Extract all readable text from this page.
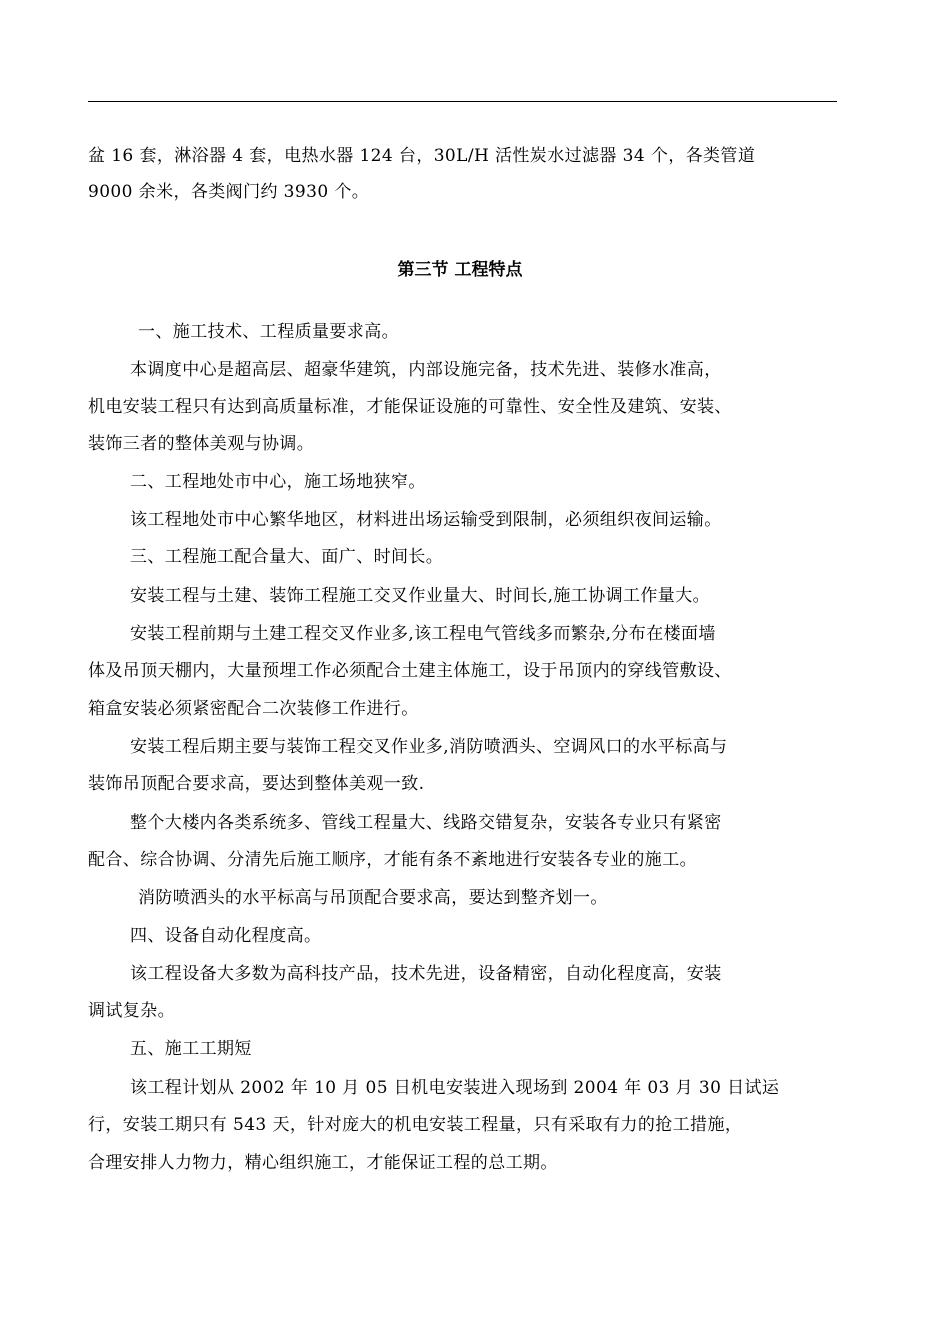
盆 16 套，淋浴器 4 套，电热水器 124 台，30L/H 活性炭水过滤器 34 个，各类管道
9000 余米，各类阀门约 3930 个。
第三节 工程特点
一、施工技术、工程质量要求高。
本调度中心是超高层、超豪华建筑，内部设施完备，技术先进、装修水准高，
机电安装工程只有达到高质量标准，才能保证设施的可靠性、安全性及建筑、安装、
装饰三者的整体美观与协调。
二、工程地处市中心，施工场地狭窄。
该工程地处市中心繁华地区，材料进出场运输受到限制，必须组织夜间运输。
三、工程施工配合量大、面广、时间长。
安装工程与土建、装饰工程施工交叉作业量大、时间长,施工协调工作量大。
安装工程前期与土建工程交叉作业多,该工程电气管线多而繁杂,分布在楼面墙
体及吊顶天棚内，大量预埋工作必须配合土建主体施工，设于吊顶内的穿线管敷设、
箱盒安装必须紧密配合二次装修工作进行。
安装工程后期主要与装饰工程交叉作业多,消防喷洒头、空调风口的水平标高与
装饰吊顶配合要求高，要达到整体美观一致.
整个大楼内各类系统多、管线工程量大、线路交错复杂，安装各专业只有紧密
配合、综合协调、分清先后施工顺序，才能有条不紊地进行安装各专业的施工。
消防喷洒头的水平标高与吊顶配合要求高，要达到整齐划一。
四、设备自动化程度高。
该工程设备大多数为高科技产品，技术先进，设备精密，自动化程度高，安装
调试复杂。
五、施工工期短
该工程计划从 2002 年 10 月 05 日机电安装进入现场到 2004 年 03 月 30 日试运
行，安装工期只有 543 天，针对庞大的机电安装工程量，只有采取有力的抢工措施，
合理安排人力物力，精心组织施工，才能保证工程的总工期。
